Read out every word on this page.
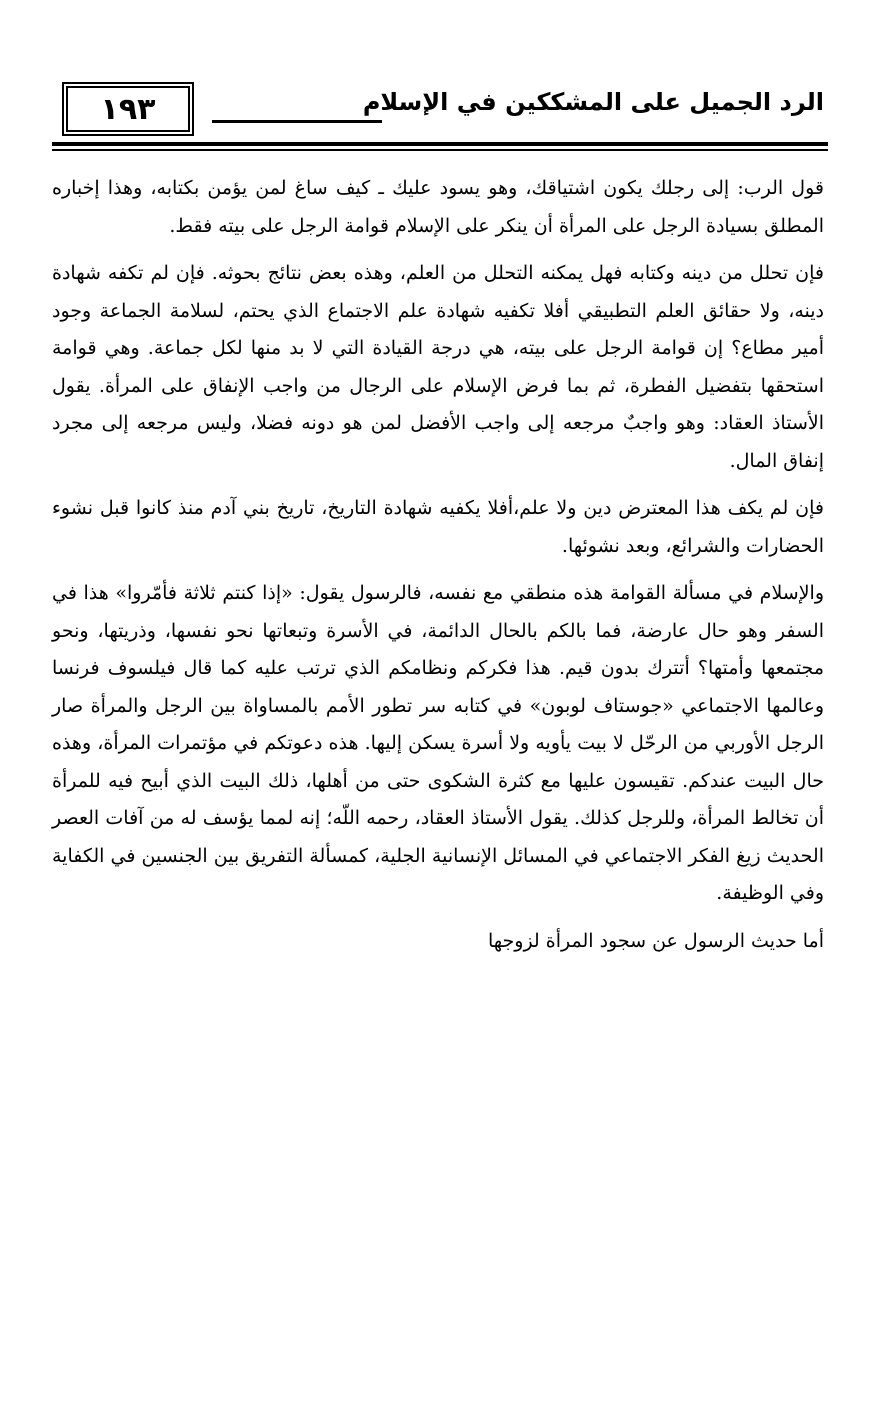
١٩٣	الرد الجميل على المشككين في الإسلام

قول الرب: إلى رجلك يكون اشتياقك، وهو يسود عليك ـ كيف ساغ لمن يؤمن بكتابه، وهذا إخباره المطلق بسيادة الرجل على المرأة أن ينكر على الإسلام قوامة الرجل على بيته فقط.

فإن تحلل من دينه وكتابه فهل يمكنه التحلل من العلم، وهذه بعض نتائج بحوثه. فإن لم تكفه شهادة دينه، ولا حقائق العلم التطبيقي أفلا تكفيه شهادة علم الاجتماع الذي يحتم، لسلامة الجماعة وجود أمير مطاع؟ إن قوامة الرجل على بيته، هي درجة القيادة التي لا بد منها لكل جماعة. وهي قوامة استحقها بتفضيل الفطرة، ثم بما فرض الإسلام على الرجال من واجب الإنفاق على المرأة. يقول الأستاذ العقاد: وهو واجبٌ مرجعه إلى واجب الأفضل لمن هو دونه فضلا، وليس مرجعه إلى مجرد إنفاق المال.

فإن لم يكف هذا المعترض دين ولا علم،أفلا يكفيه شهادة التاريخ، تاريخ بني آدم منذ كانوا قبل نشوء الحضارات والشرائع، وبعد نشوئها.

والإسلام في مسألة القوامة هذه منطقي مع نفسه، فالرسول يقول: «إذا كنتم ثلاثة فأمّروا» هذا في السفر وهو حال عارضة، فما بالكم بالحال الدائمة، في الأسرة وتبعاتها نحو نفسها، وذريتها، ونحو مجتمعها وأمتها؟ أتترك بدون قيم. هذا فكركم ونظامكم الذي ترتب عليه كما قال فيلسوف فرنسا وعالمها الاجتماعي «جوستاف لوبون» في كتابه سر تطور الأمم بالمساواة بين الرجل والمرأة صار الرجل الأوربي من الرحّل لا بيت يأويه ولا أسرة يسكن إليها. هذه دعوتكم في مؤتمرات المرأة، وهذه حال البيت عندكم. تقيسون عليها مع كثرة الشكوى حتى من أهلها، ذلك البيت الذي أبيح فيه للمرأة أن تخالط المرأة، وللرجل كذلك. يقول الأستاذ العقاد، رحمه اللّه؛ إنه لمما يؤسف له من آفات العصر الحديث زيغ الفكر الاجتماعي في المسائل الإنسانية الجلية، كمسألة التفريق بين الجنسين في الكفاية وفي الوظيفة.

أما حديث الرسول عن سجود المرأة لزوجها
